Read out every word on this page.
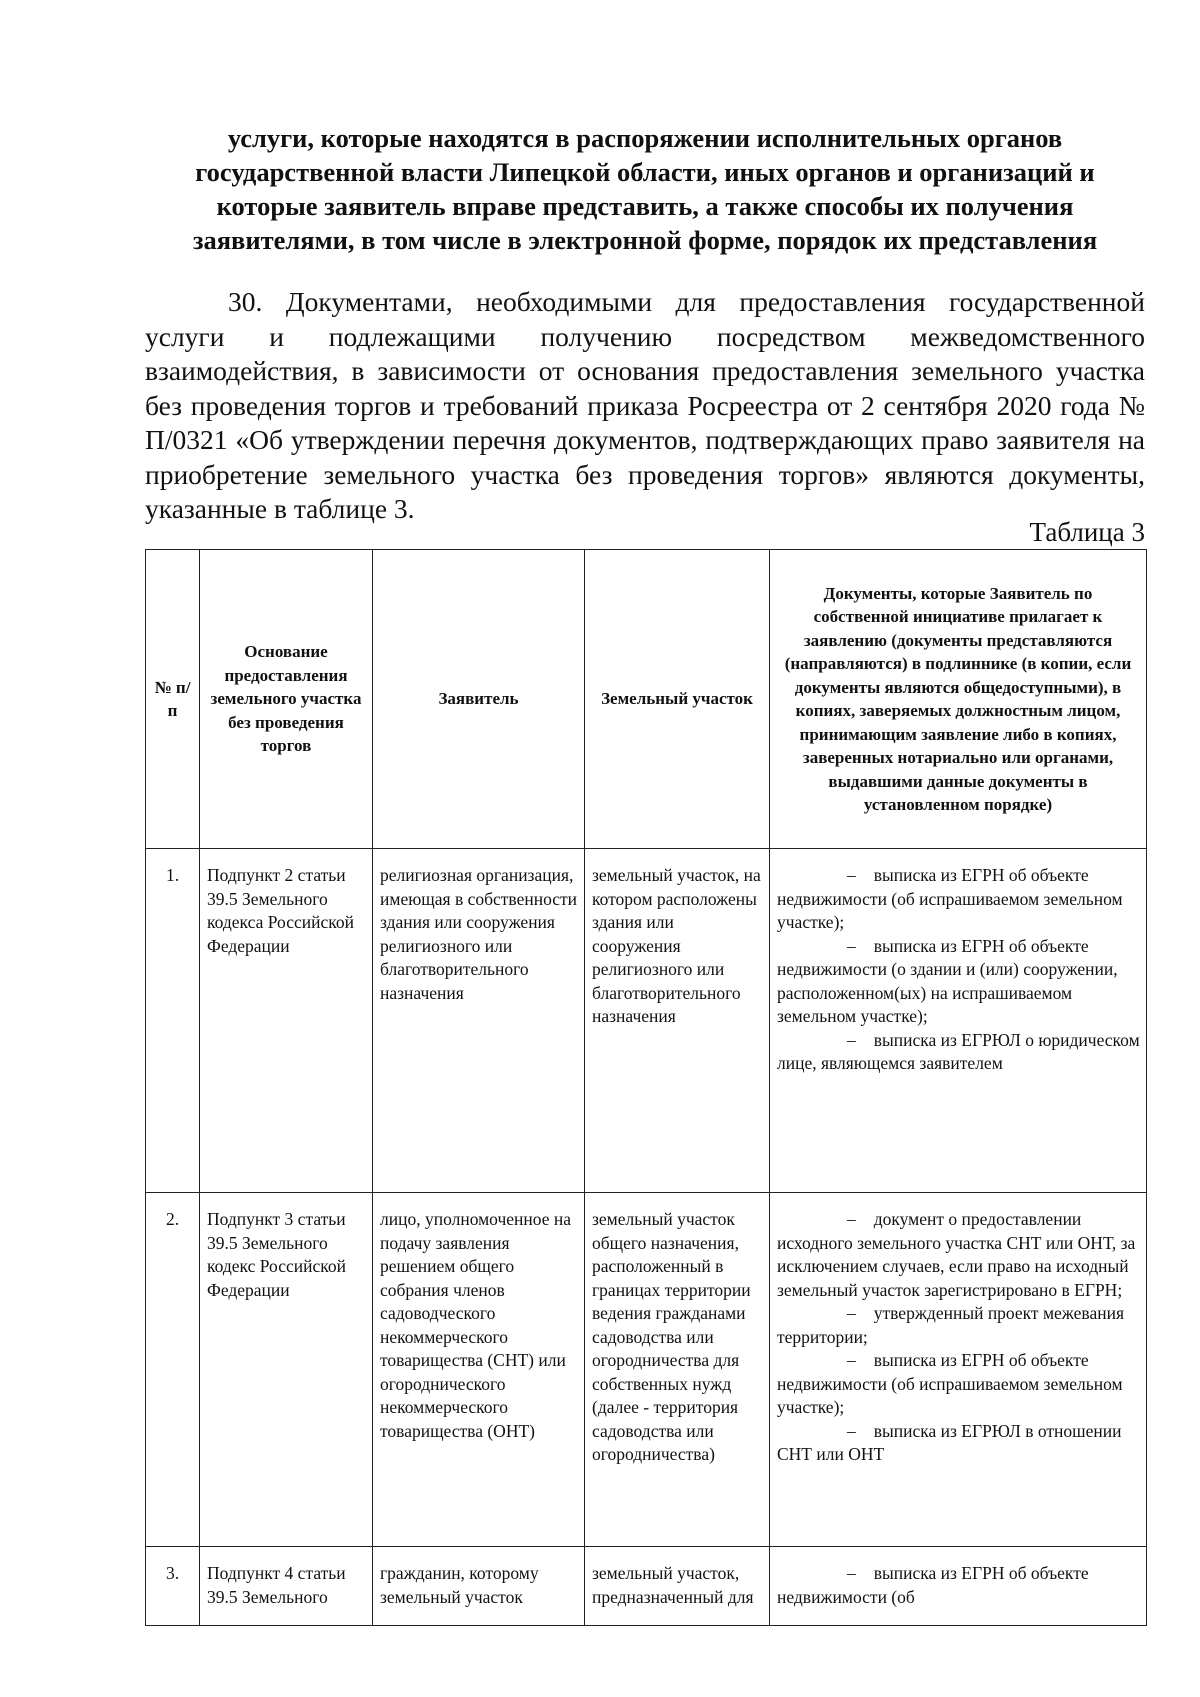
услуги, которые находятся в распоряжении исполнительных органов
государственной власти Липецкой области, иных органов и организаций и
которые заявитель вправе представить, а также способы их получения
заявителями, в том числе в электронной форме, порядок их представления

30. Документами, необходимыми для предоставления государственной услуги и подлежащими получению посредством межведомственного взаимодействия, в зависимости от основания предоставления земельного участка без проведения торгов и требований приказа Росреестра от 2 сентября 2020 года № П/0321 «Об утверждении перечня документов, подтверждающих право заявителя на приобретение земельного участка без проведения торгов» являются документы, указанные в таблице 3.

Таблица 3
№ п/п	Основание предоставления земельного участка без проведения торгов	Заявитель	Земельный участок	Документы, которые Заявитель по собственной инициативе прилагает к заявлению (документы представляются (направляются) в подлиннике (в копии, если документы являются общедоступными), в копиях, заверяемых должностным лицом, принимающим заявление либо в копиях, заверенных нотариально или органами, выдавшими данные документы в установленном порядке)
1.	Подпункт 2 статьи 39.5 Земельного кодекса Российской Федерации	религиозная организация, имеющая в собственности здания или сооружения религиозного или благотворительного назначения	земельный участок, на котором расположены здания или сооружения религиозного или благотворительного назначения	– выписка из ЕГРН об объекте недвижимости (об испрашиваемом земельном участке);
– выписка из ЕГРН об объекте недвижимости (о здании и (или) сооружении, расположенном(ых) на испрашиваемом земельном участке);
– выписка из ЕГРЮЛ о юридическом лице, являющемся заявителем

2.	Подпункт 3 статьи 39.5 Земельного кодекс Российской Федерации	лицо, уполномоченное на подачу заявления решением общего собрания членов садоводческого некоммерческого товарищества (СНТ) или огороднического некоммерческого товарищества (ОНТ)	земельный участок общего назначения, расположенный в границах территории ведения гражданами садоводства или огородничества для собственных нужд (далее - территория садоводства или огородничества)	– документ о предоставлении исходного земельного участка СНТ или ОНТ, за исключением случаев, если право на исходный земельный участок зарегистрировано в ЕГРН;
– утвержденный проект межевания территории;
– выписка из ЕГРН об объекте недвижимости (об испрашиваемом земельном участке);
– выписка из ЕГРЮЛ в отношении СНТ или ОНТ

3.	Подпункт 4 статьи 39.5 Земельного	гражданин, которому земельный участок	земельный участок, предназначенный для	– выписка из ЕГРН об объекте недвижимости (об
